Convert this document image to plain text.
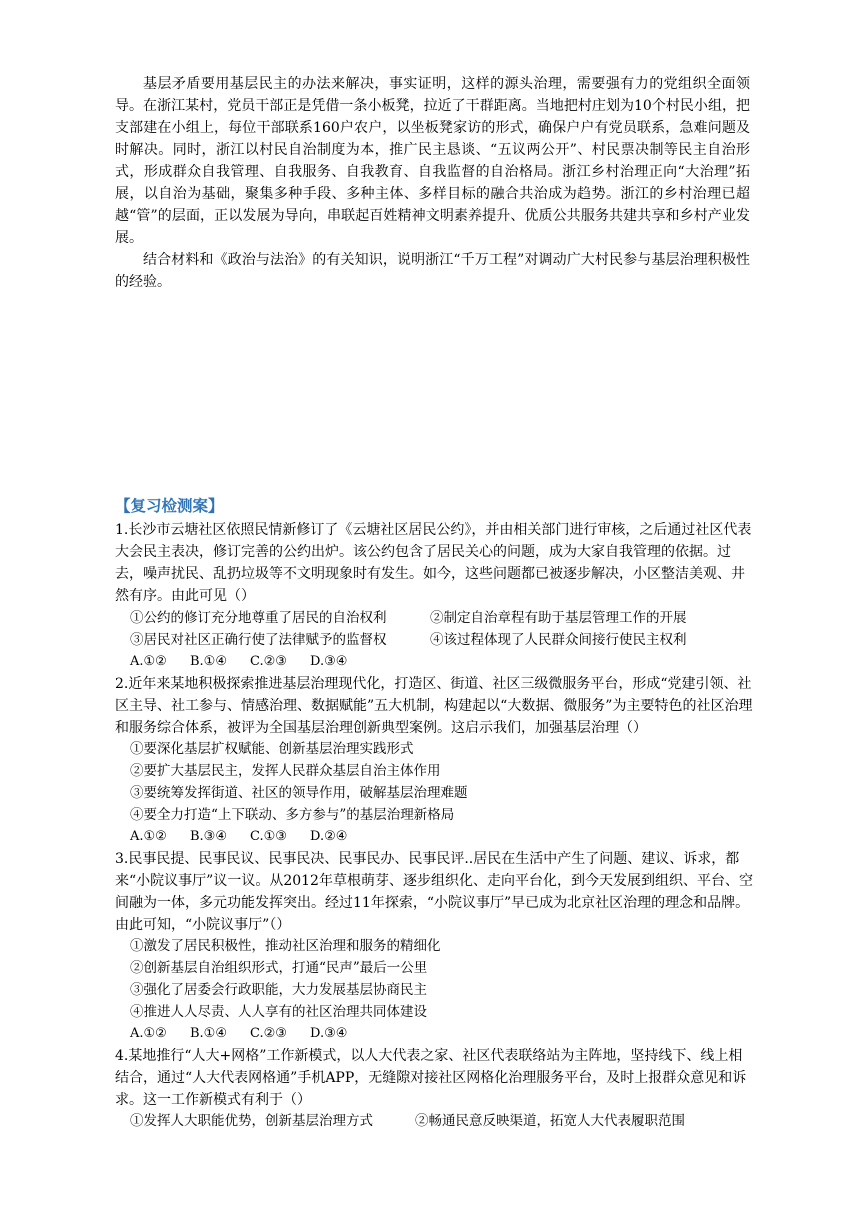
基层矛盾要用基层民主的办法来解决，事实证明，这样的源头治理，需要强有力的党组织全面领导。在浙江某村，党员干部正是凭借一条小板凳，拉近了干群距离。当地把村庄划为10个村民小组，把支部建在小组上，每位干部联系160户农户，以坐板凳家访的形式，确保户户有党员联系，急难问题及时解决。同时，浙江以村民自治制度为本，推广民主恳谈、“五议两公开”、村民票决制等民主自治形式，形成群众自我管理、自我服务、自我教育、自我监督的自治格局。浙江乡村治理正向“大治理”拓展，以自治为基础，聚集多种手段、多种主体、多样目标的融合共治成为趋势。浙江的乡村治理已超越“管”的层面，正以发展为导向，串联起百姓精神文明素养提升、优质公共服务共建共享和乡村产业发展。

结合材料和《政治与法治》的有关知识，说明浙江“千万工程”对调动广大村民参与基层治理积极性的经验。

【复习检测案】

1.长沙市云塘社区依照民情新修订了《云塘社区居民公约》，并由相关部门进行审核，之后通过社区代表大会民主表决，修订完善的公约出炉。该公约包含了居民关心的问题，成为大家自我管理的依据。过去，噪声扰民、乱扔垃圾等不文明现象时有发生。如今，这些问题都已被逐步解决，小区整洁美观、井然有序。由此可见（）

①公约的修订充分地尊重了居民的自治权利	②制定自治章程有助于基层管理工作的开展
③居民对社区正确行使了法律赋予的监督权	④该过程体现了人民群众间接行使民主权利
A.①② B.①④ C.②③ D.③④

2.近年来某地积极探索推进基层治理现代化，打造区、街道、社区三级微服务平台，形成“党建引领、社区主导、社工参与、情感治理、数据赋能”五大机制，构建起以“大数据、微服务”为主要特色的社区治理和服务综合体系，被评为全国基层治理创新典型案例。这启示我们，加强基层治理（）

①要深化基层扩权赋能、创新基层治理实践形式
②要扩大基层民主，发挥人民群众基层自治主体作用
③要统筹发挥街道、社区的领导作用，破解基层治理难题
④要全力打造“上下联动、多方参与”的基层治理新格局
A.①② B.③④ C.①③ D.②④

3.民事民提、民事民议、民事民决、民事民办、民事民评..居民在生活中产生了问题、建议、诉求，都来“小院议事厅”议一议。从2012年草根萌芽、逐步组织化、走向平台化，到今天发展到组织、平台、空间融为一体，多元功能发挥突出。经过11年探索，“小院议事厅”早已成为北京社区治理的理念和品牌。由此可知，“小院议事厅”（）

①激发了居民积极性，推动社区治理和服务的精细化
②创新基层自治组织形式，打通“民声”最后一公里
③强化了居委会行政职能，大力发展基层协商民主
④推进人人尽责、人人享有的社区治理共同体建设
A.①② B.①④ C.②③ D.③④

4.某地推行“人大+网格”工作新模式，以人大代表之家、社区代表联络站为主阵地，坚持线下、线上相结合，通过“人大代表网格通”手机APP，无缝隙对接社区网格化治理服务平台，及时上报群众意见和诉求。这一工作新模式有利于（）

①发挥人大职能优势，创新基层治理方式	②畅通民意反映渠道，拓宽人大代表履职范围
